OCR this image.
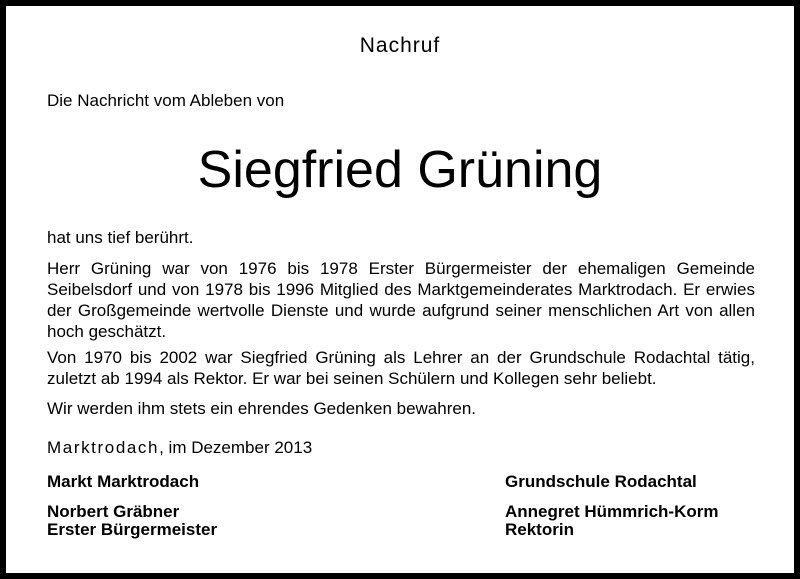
Nachruf
Die Nachricht vom Ableben von
Siegfried Grüning
hat uns tief berührt.
Herr Grüning war von 1976 bis 1978 Erster Bürgermeister der ehemaligen Gemeinde Seibelsdorf und von 1978 bis 1996 Mitglied des Marktgemeinderates Marktrodach. Er erwies der Großgemeinde wertvolle Dienste und wurde aufgrund seiner menschlichen Art von allen hoch geschätzt.
Von 1970 bis 2002 war Siegfried Grüning als Lehrer an der Grundschule Rodachtal tätig, zuletzt ab 1994 als Rektor. Er war bei seinen Schülern und Kollegen sehr beliebt.
Wir werden ihm stets ein ehrendes Gedenken bewahren.
Marktrodach, im Dezember 2013
Markt Marktrodach
Norbert Gräbner
Erster Bürgermeister
Grundschule Rodachtal
Annegret Hümmrich-Korm
Rektorin
